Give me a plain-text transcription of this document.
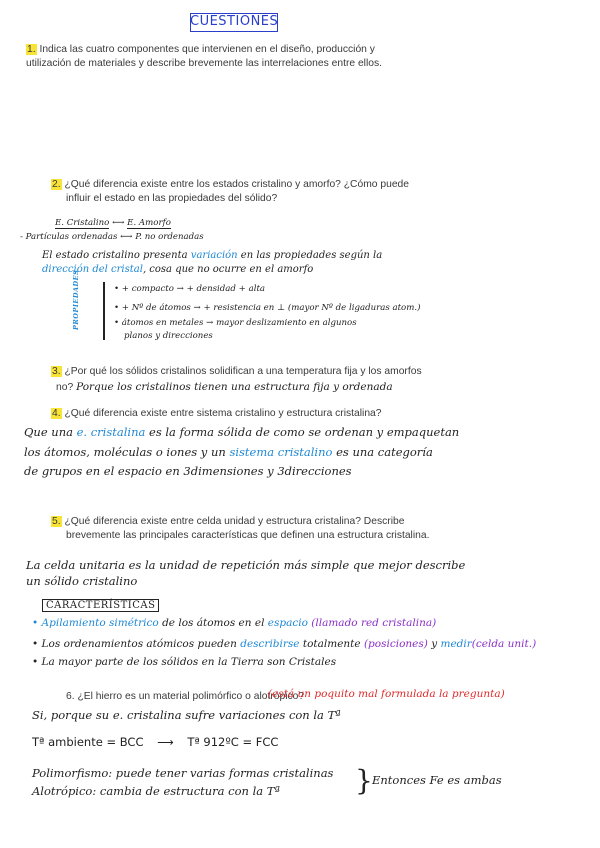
CUESTIONES
1. Indica las cuatro componentes que intervienen en el diseño, producción y
utilización de materiales y describe brevemente las interrelaciones entre ellos.
2. ¿Qué diferencia existe entre los estados cristalino y amorfo? ¿Cómo puede
influir el estado en las propiedades del sólido?
E. Cristalino ⟷ E. Amorfo
- Partículas ordenadas ⟷ P. no ordenadas
El estado cristalino presenta variación en las propiedades según la
dirección del cristal, cosa que no ocurre en el amorfo
PROPIEDADES	• + compacto → + densidad + alta
• + Nº de átomos → + resistencia en ⊥ (mayor Nº de ligaduras atom.)
• átomos en metales → mayor deslizamiento en algunos
planos y direcciones
3. ¿Por qué los sólidos cristalinos solidifican a una temperatura fija y los amorfos
no? Porque los cristalinos tienen una estructura fija y ordenada
4. ¿Qué diferencia existe entre sistema cristalino y estructura cristalina?
Que una e. cristalina es la forma sólida de como se ordenan y empaquetan
los átomos, moléculas o iones y un sistema cristalino es una categoría
de grupos en el espacio en 3dimensiones y 3direcciones
5. ¿Qué diferencia existe entre celda unidad y estructura cristalina? Describe
brevemente las principales características que definen una estructura cristalina.
La celda unitaria es la unidad de repetición más simple que mejor describe
un sólido cristalino
CARACTERÍSTICAS
• Apilamiento simétrico de los átomos en el espacio (llamado red cristalina)
• Los ordenamientos atómicos pueden describirse totalmente (posiciones) y medir(celda unit.)
• La mayor parte de los sólidos en la Tierra son Cristales
6. ¿El hierro es un material polimórfico o alotrópico?
(está un poquito mal formulada la pregunta)
Si, porque su e. cristalina sufre variaciones con la Tª
Tª ambiente = BCC ⟶ Tª 912ºC = FCC
Polimorfismo: puede tener varias formas cristalinas
Alotrópico: cambia de estructura con la Tª	} Entonces Fe es ambas
